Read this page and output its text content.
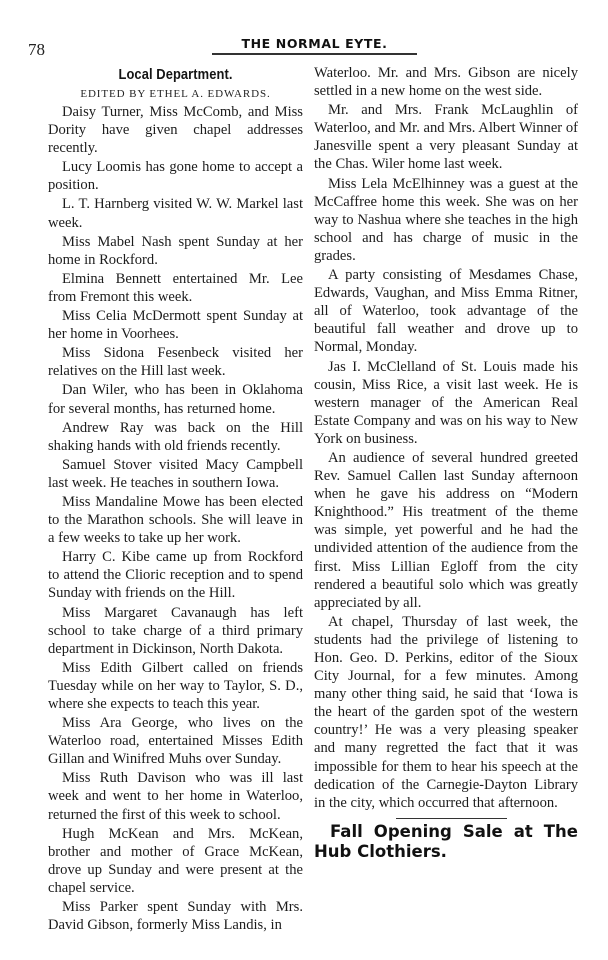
78	THE NORMAL EYTE.
Local Department.

EDITED BY ETHEL A. EDWARDS.

Daisy Turner, Miss McComb, and Miss Dority have given chapel addresses recently.

Lucy Loomis has gone home to accept a position.

L. T. Harnberg visited W. W. Markel last week.

Miss Mabel Nash spent Sunday at her home in Rockford.

Elmina Bennett entertained Mr. Lee from Fremont this week.

Miss Celia McDermott spent Sunday at her home in Voorhees.

Miss Sidona Fesenbeck visited her relatives on the Hill last week.

Dan Wiler, who has been in Oklahoma for several months, has returned home.

Andrew Ray was back on the Hill shaking hands with old friends recently.

Samuel Stover visited Macy Campbell last week. He teaches in southern Iowa.

Miss Mandaline Mowe has been elected to the Marathon schools. She will leave in a few weeks to take up her work.

Harry C. Kibe came up from Rockford to attend the Clioric reception and to spend Sunday with friends on the Hill.

Miss Margaret Cavanaugh has left school to take charge of a third primary department in Dickinson, North Dakota.

Miss Edith Gilbert called on friends Tuesday while on her way to Taylor, S. D., where she expects to teach this year.

Miss Ara George, who lives on the Waterloo road, entertained Misses Edith Gillan and Winifred Muhs over Sunday.

Miss Ruth Davison who was ill last week and went to her home in Waterloo, returned the first of this week to school.

Hugh McKean and Mrs. McKean, brother and mother of Grace McKean, drove up Sunday and were present at the chapel service.

Miss Parker spent Sunday with Mrs. David Gibson, formerly Miss Landis, in

Waterloo. Mr. and Mrs. Gibson are nicely settled in a new home on the west side.

Mr. and Mrs. Frank McLaughlin of Waterloo, and Mr. and Mrs. Albert Winner of Janesville spent a very pleasant Sunday at the Chas. Wiler home last week.

Miss Lela McElhinney was a guest at the McCaffree home this week. She was on her way to Nashua where she teaches in the high school and has charge of music in the grades.

A party consisting of Mesdames Chase, Edwards, Vaughan, and Miss Emma Ritner, all of Waterloo, took advantage of the beautiful fall weather and drove up to Normal, Monday.

Jas I. McClelland of St. Louis made his cousin, Miss Rice, a visit last week. He is western manager of the American Real Estate Company and was on his way to New York on business.

An audience of several hundred greeted Rev. Samuel Callen last Sunday afternoon when he gave his address on “Modern Knighthood.” His treatment of the theme was simple, yet powerful and he had the undivided attention of the audience from the first. Miss Lillian Egloff from the city rendered a beautiful solo which was greatly appreciated by all.

At chapel, Thursday of last week, the students had the privilege of listening to Hon. Geo. D. Perkins, editor of the Sioux City Journal, for a few minutes. Among many other thing said, he said that ‘Iowa is the heart of the garden spot of the western country!’ He was a very pleasing speaker and many regretted the fact that it was impossible for them to hear his speech at the dedication of the Carnegie-Dayton Library in the city, which occurred that afternoon.

Fall Opening Sale at The Hub Clothiers.
